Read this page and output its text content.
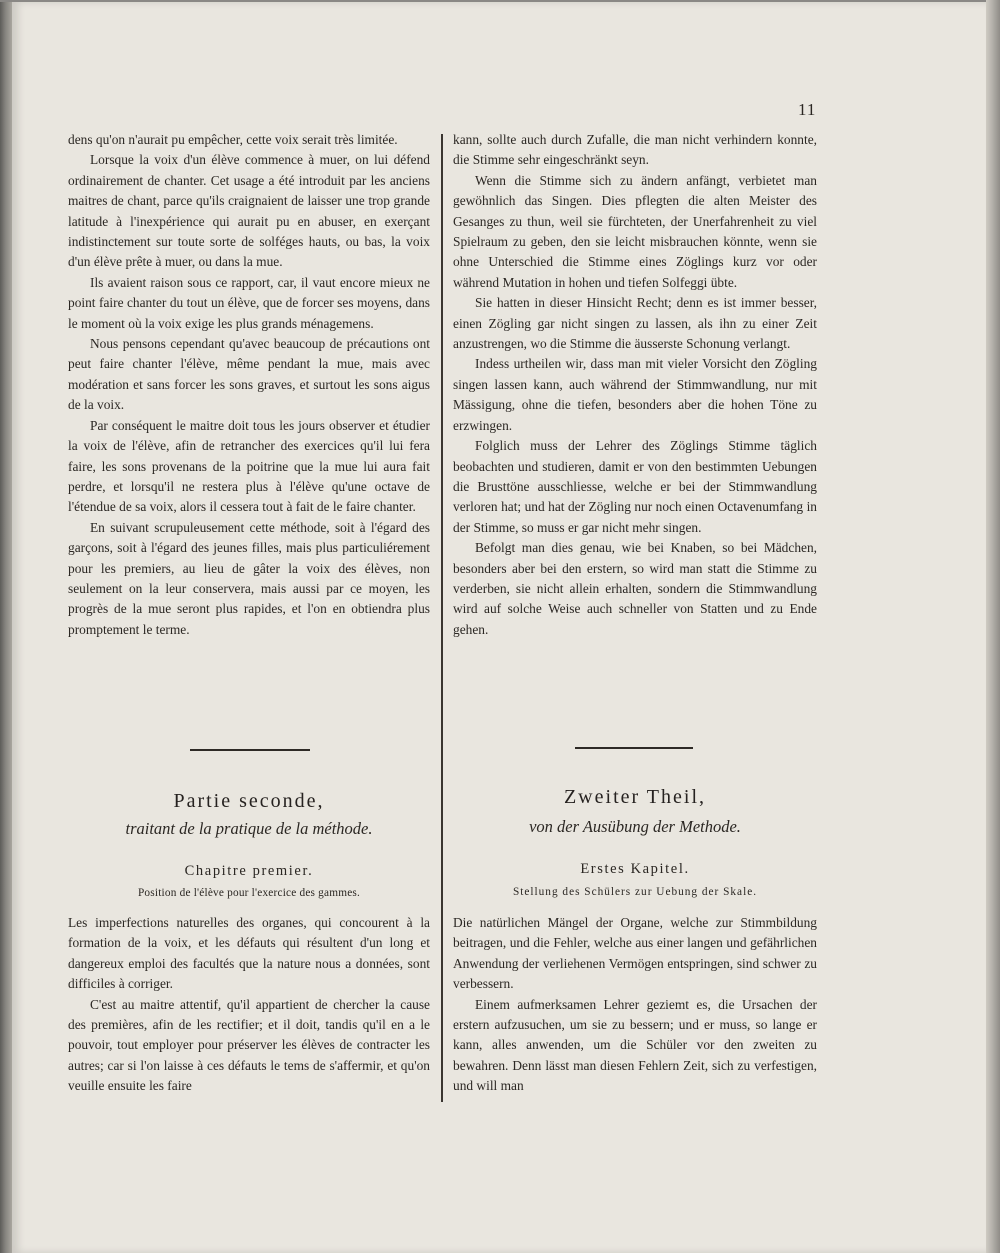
11

dens qu'on n'aurait pu empêcher, cette voix serait très limitée.

Lorsque la voix d'un élève commence à muer, on lui défend ordinairement de chanter. Cet usage a été introduit par les anciens maitres de chant, parce qu'ils craignaient de laisser une trop grande latitude à l'inexpérience qui aurait pu en abuser, en exerçant indistinctement sur toute sorte de solféges hauts, ou bas, la voix d'un élève prête à muer, ou dans la mue.

Ils avaient raison sous ce rapport, car, il vaut encore mieux ne point faire chanter du tout un élève, que de forcer ses moyens, dans le moment où la voix exige les plus grands ménagemens.

Nous pensons cependant qu'avec beaucoup de précautions ont peut faire chanter l'élève, même pendant la mue, mais avec modération et sans forcer les sons graves, et surtout les sons aigus de la voix.

Par conséquent le maitre doit tous les jours observer et étudier la voix de l'élève, afin de retrancher des exercices qu'il lui fera faire, les sons provenans de la poitrine que la mue lui aura fait perdre, et lorsqu'il ne restera plus à l'élève qu'une octave de l'étendue de sa voix, alors il cessera tout à fait de le faire chanter.

En suivant scrupuleusement cette méthode, soit à l'égard des garçons, soit à l'égard des jeunes filles, mais plus particuliérement pour les premiers, au lieu de gâter la voix des élèves, non seulement on la leur conservera, mais aussi par ce moyen, les progrès de la mue seront plus rapides, et l'on en obtiendra plus promptement le terme.

kann, sollte auch durch Zufalle, die man nicht verhindern konnte, die Stimme sehr eingeschränkt seyn.

Wenn die Stimme sich zu ändern anfängt, verbietet man gewöhnlich das Singen. Dies pflegten die alten Meister des Gesanges zu thun, weil sie fürchteten, der Unerfahrenheit zu viel Spielraum zu geben, den sie leicht misbrauchen könnte, wenn sie ohne Unterschied die Stimme eines Zöglings kurz vor oder während Mutation in hohen und tiefen Solfeggi übte.

Sie hatten in dieser Hinsicht Recht; denn es ist immer besser, einen Zögling gar nicht singen zu lassen, als ihn zu einer Zeit anzustrengen, wo die Stimme die äusserste Schonung verlangt.

Indess urtheilen wir, dass man mit vieler Vorsicht den Zögling singen lassen kann, auch während der Stimmwandlung, nur mit Mässigung, ohne die tiefen, besonders aber die hohen Töne zu erzwingen.

Folglich muss der Lehrer des Zöglings Stimme täglich beobachten und studieren, damit er von den bestimmten Uebungen die Brusttöne ausschliesse, welche er bei der Stimmwandlung verloren hat; und hat der Zögling nur noch einen Octavenumfang in der Stimme, so muss er gar nicht mehr singen.

Befolgt man dies genau, wie bei Knaben, so bei Mädchen, besonders aber bei den erstern, so wird man statt die Stimme zu verderben, sie nicht allein erhalten, sondern die Stimmwandlung wird auf solche Weise auch schneller von Statten und zu Ende gehen.

Partie seconde,	Zweiter Theil,
traitant de la pratique de la méthode.	von der Ausübung der Methode.
Chapitre premier.	Erstes Kapitel.
Position de l'élève pour l'exercice des gammes.	Stellung des Schülers zur Uebung der Skale.

Les imperfections naturelles des organes, qui concourent à la formation de la voix, et les défauts qui résultent d'un long et dangereux emploi des facultés que la nature nous a données, sont difficiles à corriger.

C'est au maitre attentif, qu'il appartient de chercher la cause des premières, afin de les rectifier; et il doit, tandis qu'il en a le pouvoir, tout employer pour préserver les élèves de contracter les autres; car si l'on laisse à ces défauts le tems de s'affermir, et qu'on veuille ensuite les faire

Die natürlichen Mängel der Organe, welche zur Stimmbildung beitragen, und die Fehler, welche aus einer langen und gefährlichen Anwendung der verliehenen Vermögen entspringen, sind schwer zu verbessern.

Einem aufmerksamen Lehrer geziemt es, die Ursachen der erstern aufzusuchen, um sie zu bessern; und er muss, so lange er kann, alles anwenden, um die Schüler vor den zweiten zu bewahren. Denn lässt man diesen Fehlern Zeit, sich zu verfestigen, und will man
